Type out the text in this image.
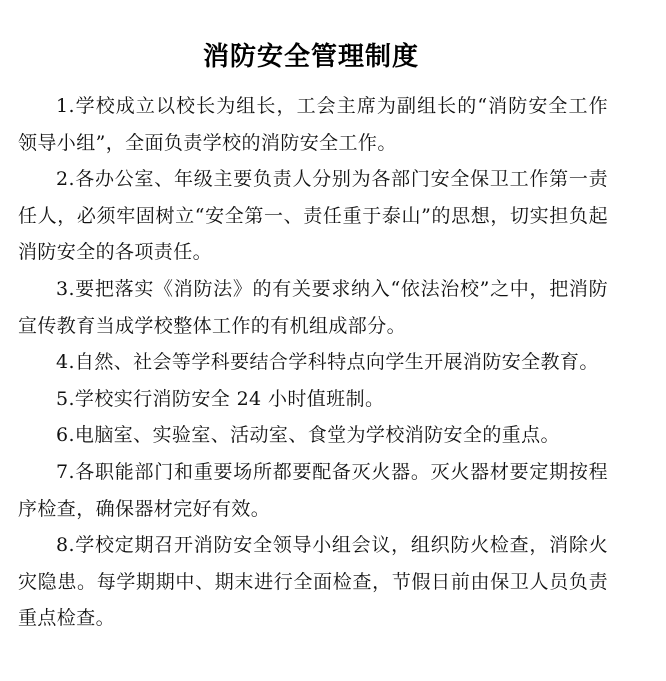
消防安全管理制度

1.学校成立以校长为组长，工会主席为副组长的“消防安全工作领导小组”，全面负责学校的消防安全工作。

2.各办公室、年级主要负责人分别为各部门安全保卫工作第一责任人，必须牢固树立“安全第一、责任重于泰山”的思想，切实担负起消防安全的各项责任。

3.要把落实《消防法》的有关要求纳入“依法治校”之中，把消防宣传教育当成学校整体工作的有机组成部分。

4.自然、社会等学科要结合学科特点向学生开展消防安全教育。

5.学校实行消防安全 24 小时值班制。

6.电脑室、实验室、活动室、食堂为学校消防安全的重点。

7.各职能部门和重要场所都要配备灭火器。灭火器材要定期按程序检查，确保器材完好有效。

8.学校定期召开消防安全领导小组会议，组织防火检查，消除火灾隐患。每学期期中、期末进行全面检查，节假日前由保卫人员负责重点检查。
